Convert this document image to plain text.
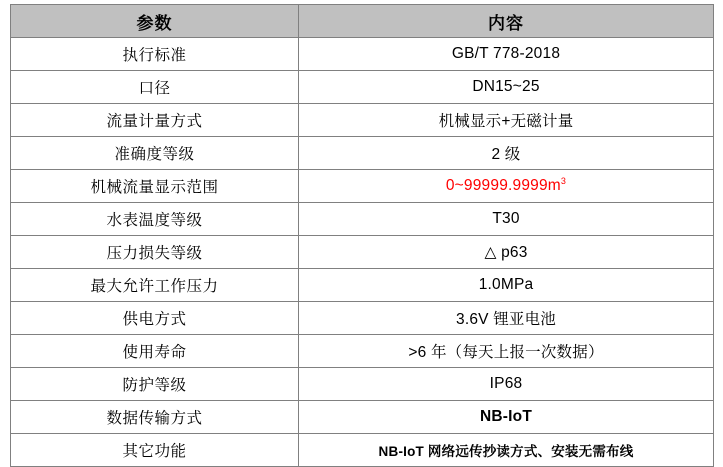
参数	内容
执行标准	GB/T 778-2018
口径	DN15~25
流量计量方式	机械显示+无磁计量
准确度等级	2 级
机械流量显示范围	$0\sim 99999.9999m^3$
水表温度等级	T30
压力损失等级	△ p63
最大允许工作压力	1.0MPa
供电方式	3.6V 锂亚电池
使用寿命	>6 年（每天上报一次数据）
防护等级	IP68
数据传输方式	NB-IoT
其它功能	NB-IoT 网络远传抄读方式、安装无需布线
